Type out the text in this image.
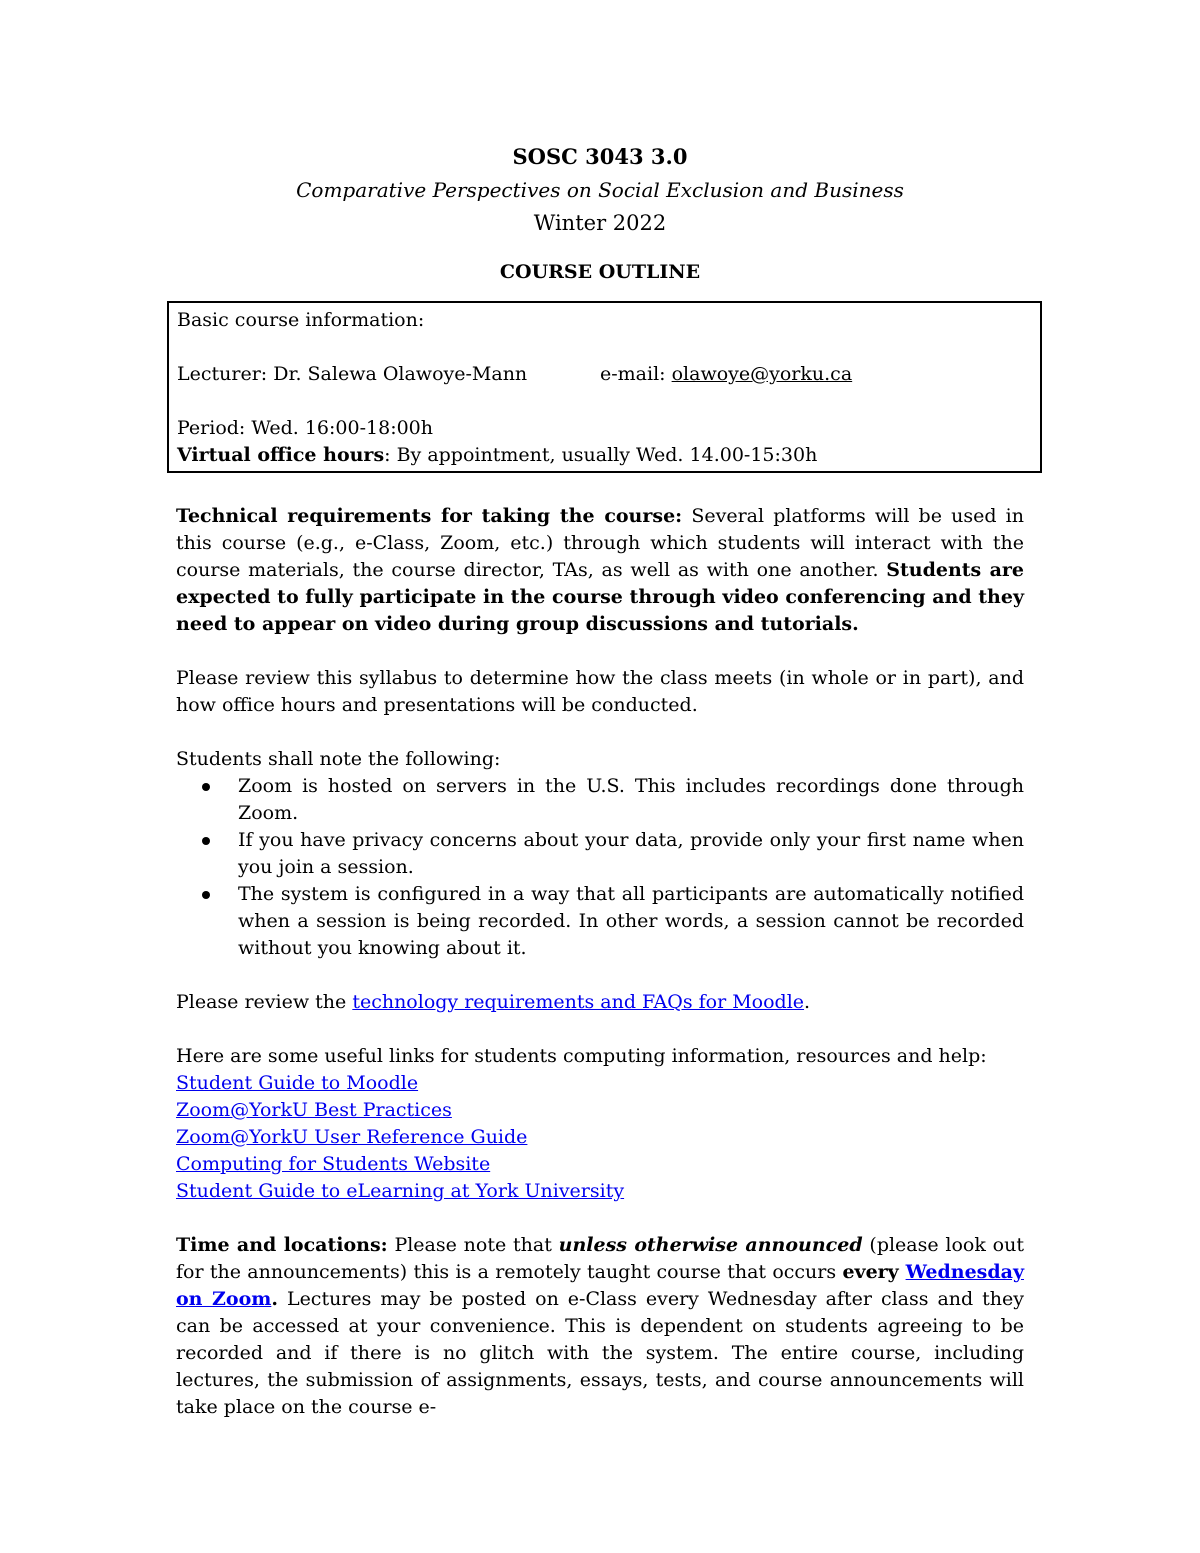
SOSC 3043 3.0

Comparative Perspectives on Social Exclusion and Business

Winter 2022

COURSE OUTLINE

Basic course information:

Lecturer: Dr. Salewa Olawoye-Mann	e-mail: olawoye@yorku.ca

Period: Wed. 16:00-18:00h

Virtual office hours: By appointment, usually Wed. 14.00-15:30h

Technical requirements for taking the course: Several platforms will be used in this course (e.g., e-Class, Zoom, etc.) through which students will interact with the course materials, the course director, TAs, as well as with one another. Students are expected to fully participate in the course through video conferencing and they need to appear on video during group discussions and tutorials.

Please review this syllabus to determine how the class meets (in whole or in part), and how office hours and presentations will be conducted.

Students shall note the following:

Zoom is hosted on servers in the U.S. This includes recordings done through Zoom.
If you have privacy concerns about your data, provide only your first name when you join a session.
The system is configured in a way that all participants are automatically notified when a session is being recorded. In other words, a session cannot be recorded without you knowing about it.

Please review the technology requirements and FAQs for Moodle.

Here are some useful links for students computing information, resources and help:
Student Guide to Moodle
Zoom@YorkU Best Practices
Zoom@YorkU User Reference Guide
Computing for Students Website
Student Guide to eLearning at York University

Time and locations: Please note that unless otherwise announced (please look out for the announcements) this is a remotely taught course that occurs every Wednesday on Zoom. Lectures may be posted on e-Class every Wednesday after class and they can be accessed at your convenience. This is dependent on students agreeing to be recorded and if there is no glitch with the system. The entire course, including lectures, the submission of assignments, essays, tests, and course announcements will take place on the course e-
